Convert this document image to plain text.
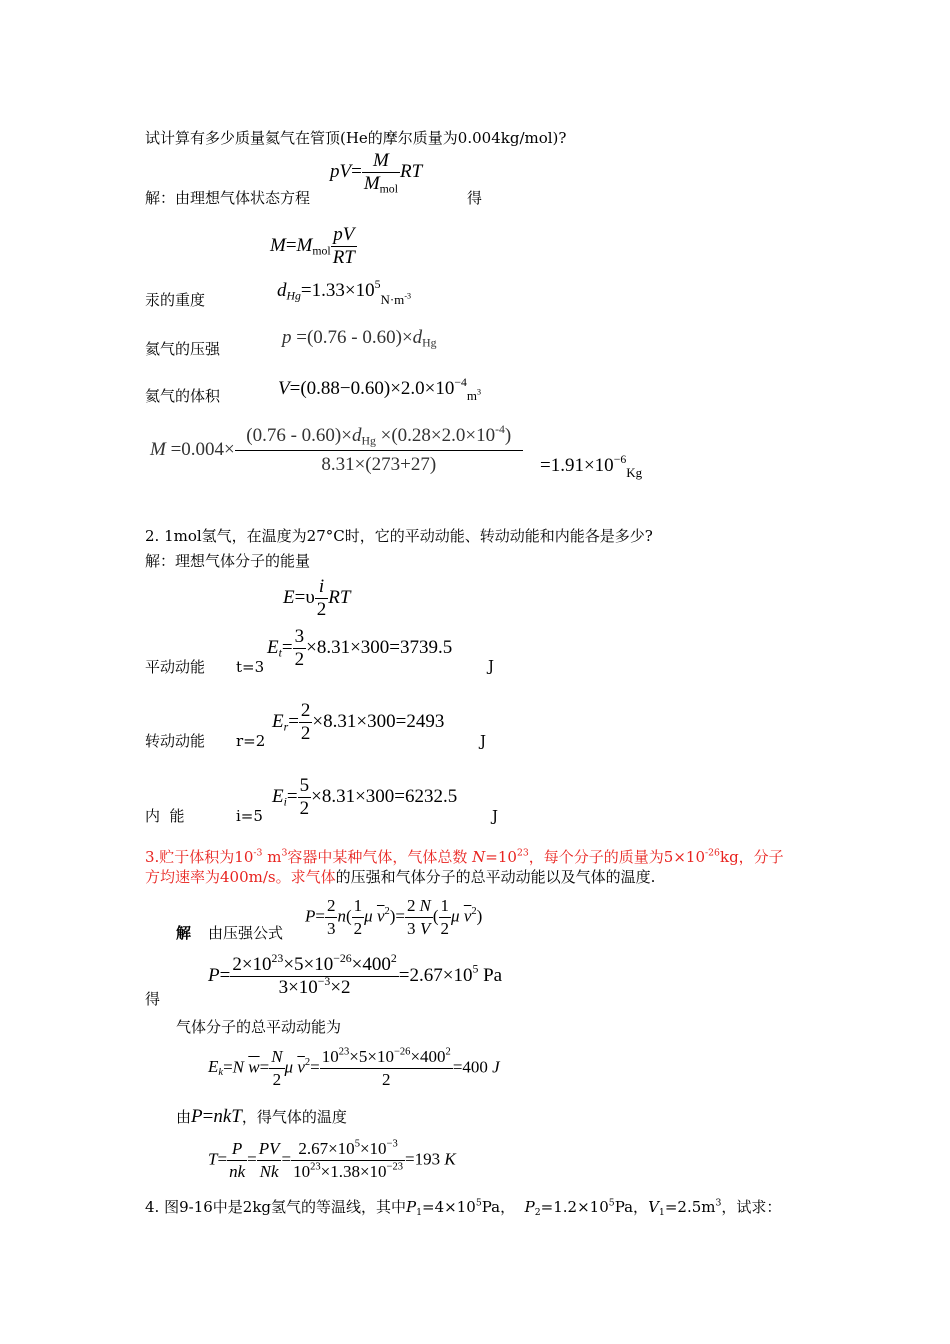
试计算有多少质量氦气在管顶(He的摩尔质量为0.004kg/mol)?
pV=
M
$M_{mol}$
RT
解：由理想气体状态方程	得
$M=M_{mol} \frac{pV}{RT}$
汞的重度	$d_{Hg}=1.33\times 10^5_{N\cdot m^{-3}}$
氦气的压强
$p =(0.76 - 0.60)\times d_{Hg}$
氦气的体积	$V=(0.88-0.60)\times 2.0\times 10^{-4}_{m^3}$
M =0.004×
$(0.76 - 0.60)\times d_{Hg} \times(0.28\times 2.0\times 10^{-4})$
8.31×(273+27)	$=1.91\times 10^{-6}_{Kg}$
2. 1mol氢气，在温度为27°C时，它的平动动能、转动动能和内能各是多少?
解：理想气体分子的能量
$E=\upsilon \frac{i}{2}$ RT
$E_t= \frac{3}{2} \times 8.31\times 300=3739.5$
平动动能 t=3	J
$E_r= \frac{2}{2} \times 8.31\times 300=2493$
转动动能 r=2	J
$E_i= \frac{5}{2} \times 8.31\times 300=6232.5$
内  能	i=5	J
3.贮于体积为$10^{-3}$ $m^3$容器中某种气体，气体总数 $N=10^{23}$，每个分子的质量为$5\times 10^{-26}kg$，分子
方均速率为400m/s。求气体的压强和气体分子的总平动动能以及气体的温度.
$P= \frac{2}{3} n( \frac{1}{2}$ μ $\overline{v}^2)= \frac{2}{3} \frac{N}{V}$ ( $\frac{1}{2}$ μ $\overline{v}^2$)
解 由压强公式
$P= \frac{2\times 10^{23}\times 5\times 10^{-26}\times 400^2}{3\times 10^{-3}\times 2} =2.67\times 10^5$ Pa
得
气体分子的总平动动能为
$E_k=N$ $\overline{w}= \frac{N}{2}$ μ $\overline{v}^2= \frac{10^{23}\times 5\times 10^{-26}\times 400^2}{2} =400$ J
由P=nkT，得气体的温度
$T= \frac{P}{nk} = \frac{PV}{Nk} = \frac{2.67\times 10^5\times 10^{-3}}{10^{23}\times 1.38\times 10^{-23}} =193$ K
4. 图9-16中是2kg氢气的等温线，其中$P_1=4\times 10^5Pa$， $P_2=1.2\times 10^5Pa$，$V_1=2.5m^3$，试求：
